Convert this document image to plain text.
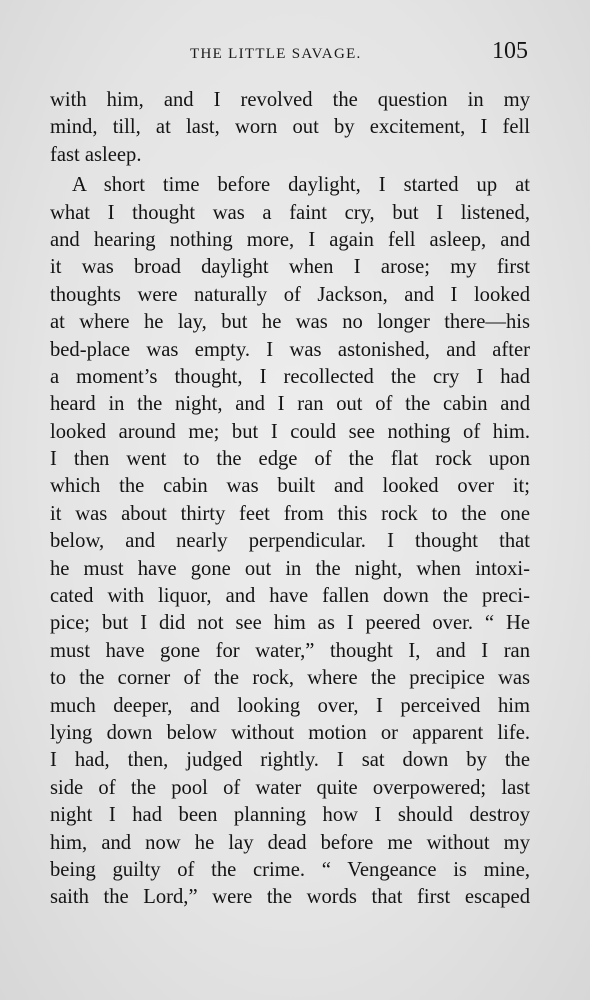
THE LITTLE SAVAGE.	105
with him, and I revolved the question in my
mind, till, at last, worn out by excitement, I fell
fast asleep.
A short time before daylight, I started up at
what I thought was a faint cry, but I listened,
and hearing nothing more, I again fell asleep, and
it was broad daylight when I arose; my first
thoughts were naturally of Jackson, and I looked
at where he lay, but he was no longer there—his
bed-place was empty. I was astonished, and after
a moment’s thought, I recollected the cry I had
heard in the night, and I ran out of the cabin and
looked around me; but I could see nothing of him.
I then went to the edge of the flat rock upon
which the cabin was built and looked over it;
it was about thirty feet from this rock to the one
below, and nearly perpendicular. I thought that
he must have gone out in the night, when intoxi-
cated with liquor, and have fallen down the preci-
pice; but I did not see him as I peered over. “ He
must have gone for water,” thought I, and I ran
to the corner of the rock, where the precipice was
much deeper, and looking over, I perceived him
lying down below without motion or apparent life.
I had, then, judged rightly. I sat down by the
side of the pool of water quite overpowered; last
night I had been planning how I should destroy
him, and now he lay dead before me without my
being guilty of the crime. “ Vengeance is mine,
saith the Lord,” were the words that first escaped
